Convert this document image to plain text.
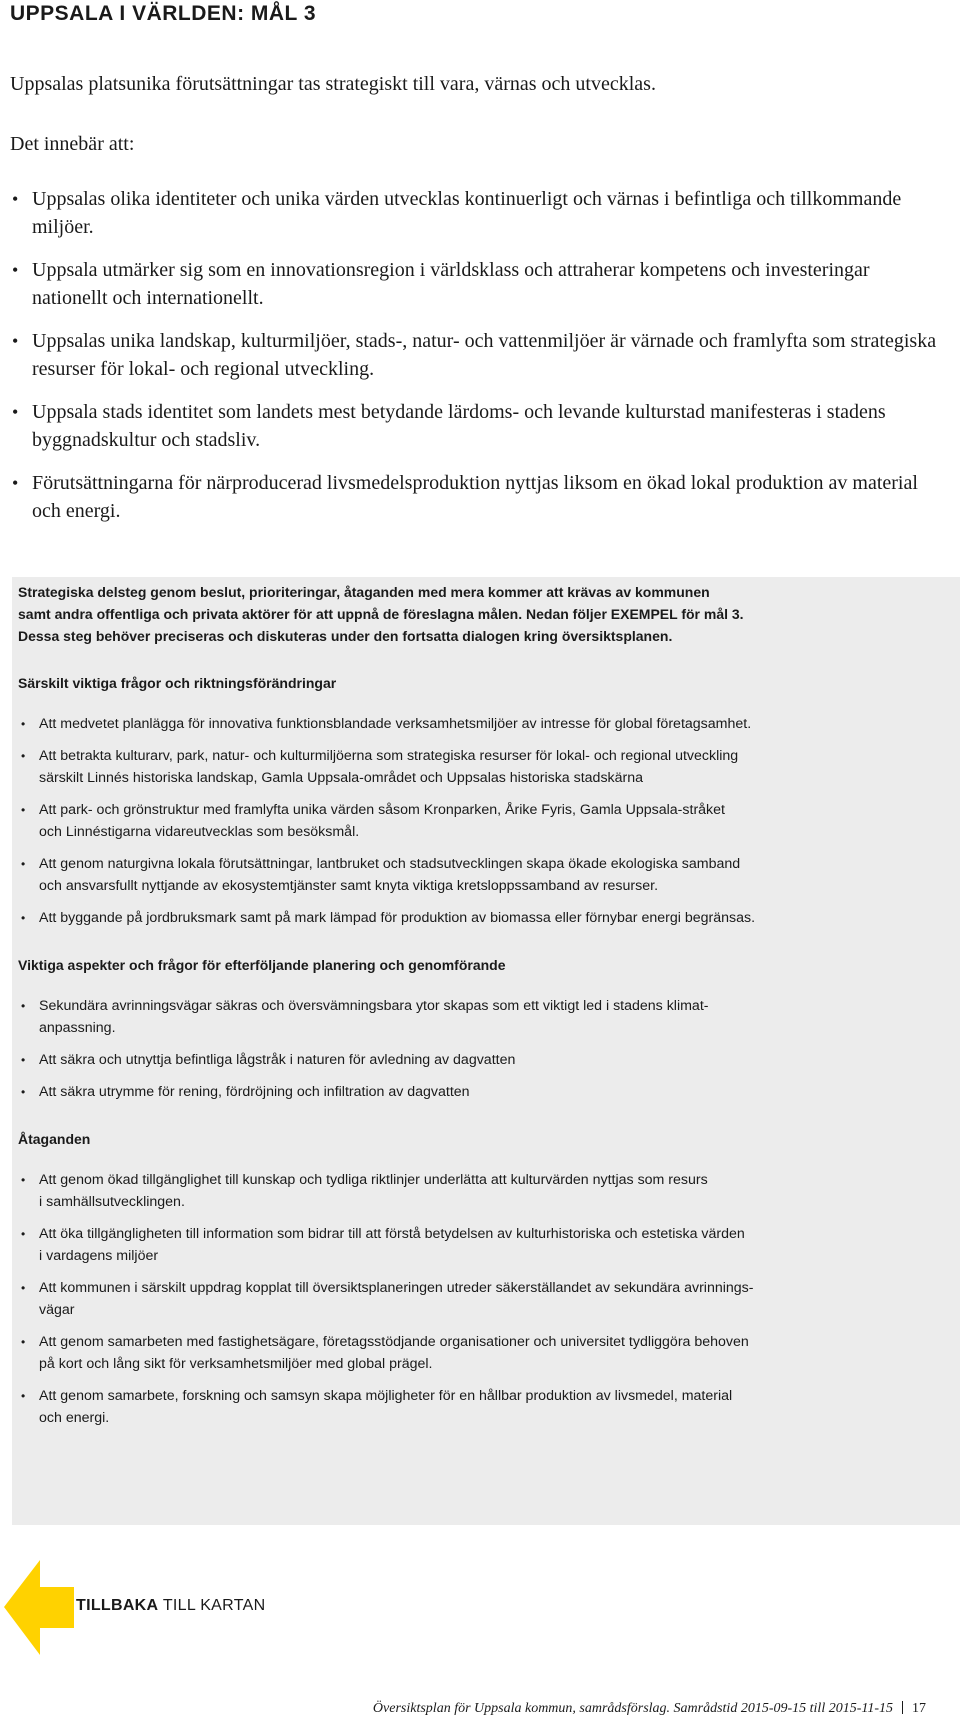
UPPSALA I VÄRLDEN: MÅL 3

Uppsalas platsunika förutsättningar tas strategiskt till vara, värnas och utvecklas.

Det innebär att:

• Uppsalas olika identiteter och unika värden utvecklas kontinuerligt och värnas i befintliga och tillkommande miljöer.
• Uppsala utmärker sig som en innovationsregion i världsklass och attraherar kompetens och investeringar nationellt och internationellt.
• Uppsalas unika landskap, kulturmiljöer, stads-, natur- och vattenmiljöer är värnade och framlyfta som strategiska resurser för lokal- och regional utveckling.
• Uppsala stads identitet som landets mest betydande lärdoms- och levande kulturstad manifesteras i stadens byggnadskultur och stadsliv.
• Förutsättningarna för närproducerad livsmedelsproduktion nyttjas liksom en ökad lokal produktion av material och energi.

Strategiska delsteg genom beslut, prioriteringar, åtaganden med mera kommer att krävas av kommunen
samt andra offentliga och privata aktörer för att uppnå de föreslagna målen. Nedan följer EXEMPEL för mål 3.
Dessa steg behöver preciseras och diskuteras under den fortsatta dialogen kring översiktsplanen.

Särskilt viktiga frågor och riktningsförändringar
• Att medvetet planlägga för innovativa funktionsblandade verksamhetsmiljöer av intresse för global företagsamhet.
• Att betrakta kulturarv, park, natur- och kulturmiljöerna som strategiska resurser för lokal- och regional utveckling
särskilt Linnés historiska landskap, Gamla Uppsala-området och Uppsalas historiska stadskärna
• Att park- och grönstruktur med framlyfta unika värden såsom Kronparken, Årike Fyris, Gamla Uppsala-stråket
och Linnéstigarna vidareutvecklas som besöksmål.
• Att genom naturgivna lokala förutsättningar, lantbruket och stadsutvecklingen skapa ökade ekologiska samband
och ansvarsfullt nyttjande av ekosystemtjänster samt knyta viktiga kretsloppssamband av resurser.
• Att byggande på jordbruksmark samt på mark lämpad för produktion av biomassa eller förnybar energi begränsas.
Viktiga aspekter och frågor för efterföljande planering och genomförande
• Sekundära avrinningsvägar säkras och översvämningsbara ytor skapas som ett viktigt led i stadens klimat-
anpassning.
• Att säkra och utnyttja befintliga lågstråk i naturen för avledning av dagvatten
• Att säkra utrymme för rening, fördröjning och infiltration av dagvatten
Åtaganden
• Att genom ökad tillgänglighet till kunskap och tydliga riktlinjer underlätta att kulturvärden nyttjas som resurs
i samhällsutvecklingen.
• Att öka tillgängligheten till information som bidrar till att förstå betydelsen av kulturhistoriska och estetiska värden
i vardagens miljöer
• Att kommunen i särskilt uppdrag kopplat till översiktsplaneringen utreder säkerställandet av sekundära avrinnings-
vägar
• Att genom samarbeten med fastighetsägare, företagsstödjande organisationer och universitet tydliggöra behoven
på kort och lång sikt för verksamhetsmiljöer med global prägel.
• Att genom samarbete, forskning och samsyn skapa möjligheter för en hållbar produktion av livsmedel, material
och energi.
TILLBAKA TILL KARTAN
Översiktsplan för Uppsala kommun, samrådsförslag. Samrådstid 2015-09-15 till 2015-11-15 17
